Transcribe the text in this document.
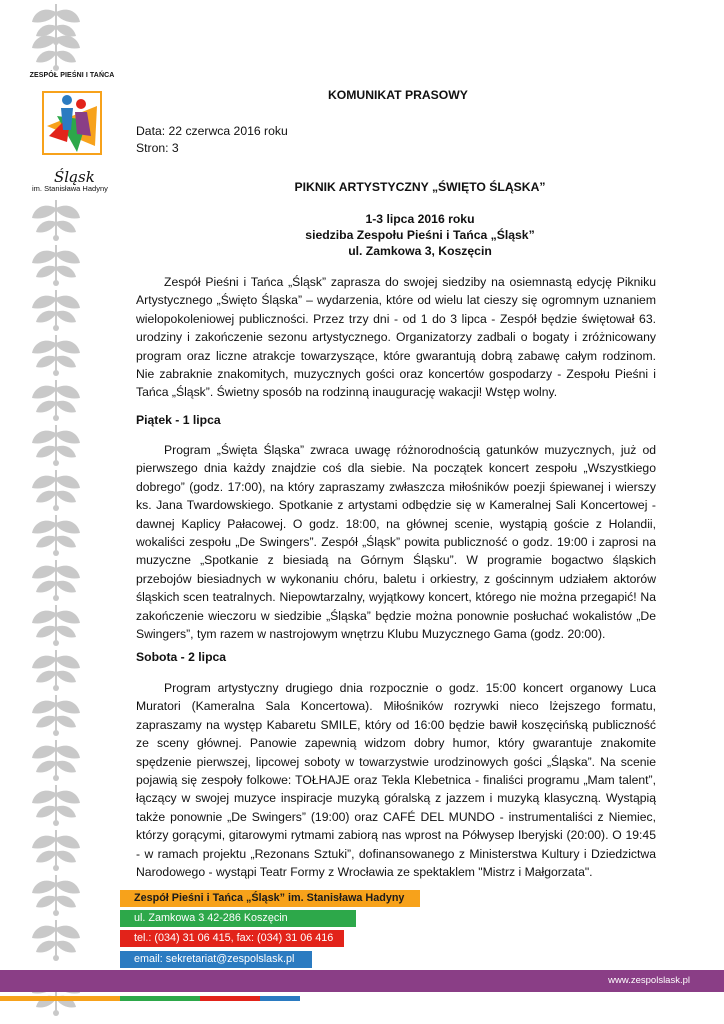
ZESPÓŁ PIEŚNI I TAŃCA
Śląsk
im. Stanisława Hadyny
KOMUNIKAT PRASOWY
Data: 22 czerwca 2016 roku
Stron: 3
PIKNIK ARTYSTYCZNY „ŚWIĘTO ŚLĄSKA”
1-3 lipca 2016 roku
siedziba Zespołu Pieśni i Tańca „Śląsk”
ul. Zamkowa 3, Koszęcin

Zespół Pieśni i Tańca „Śląsk” zaprasza do swojej siedziby na osiemnastą edycję Pikniku Artystycznego „Święto Śląska” – wydarzenia, które od wielu lat cieszy się ogromnym uznaniem wielopokoleniowej publiczności. Przez trzy dni - od 1 do 3 lipca - Zespół będzie świętował 63. urodziny i zakończenie sezonu artystycznego. Organizatorzy zadbali o bogaty i zróżnicowany program oraz liczne atrakcje towarzyszące, które gwarantują dobrą zabawę całym rodzinom. Nie zabraknie znakomitych, muzycznych gości oraz koncertów gospodarzy - Zespołu Pieśni i Tańca „Śląsk”. Świetny sposób na rodzinną inaugurację wakacji! Wstęp wolny.

Piątek - 1 lipca

Program „Święta Śląska” zwraca uwagę różnorodnością gatunków muzycznych, już od pierwszego dnia każdy znajdzie coś dla siebie. Na początek koncert zespołu „Wszystkiego dobrego” (godz. 17:00), na który zapraszamy zwłaszcza miłośników poezji śpiewanej i wierszy ks. Jana Twardowskiego. Spotkanie z artystami odbędzie się w Kameralnej Sali Koncertowej - dawnej Kaplicy Pałacowej. O godz. 18:00, na głównej scenie, wystąpią goście z Holandii, wokaliści zespołu „De Swingers”. Zespół „Śląsk” powita publiczność o godz. 19:00 i zaprosi na muzyczne „Spotkanie z biesiadą na Górnym Śląsku”. W programie bogactwo śląskich przebojów biesiadnych w wykonaniu chóru, baletu i orkiestry, z gościnnym udziałem aktorów śląskich scen teatralnych. Niepowtarzalny, wyjątkowy koncert, którego nie można przegapić! Na zakończenie wieczoru w siedzibie „Śląska” będzie można ponownie posłuchać wokalistów „De Swingers”, tym razem w nastrojowym wnętrzu Klubu Muzycznego Gama (godz. 20:00).

Sobota - 2 lipca

Program artystyczny drugiego dnia rozpocznie o godz. 15:00 koncert organowy Luca Muratori (Kameralna Sala Koncertowa). Miłośników rozrywki nieco lżejszego formatu, zapraszamy na występ Kabaretu SMILE, który od 16:00 będzie bawił koszęcińską publiczność ze sceny głównej. Panowie zapewnią widzom dobry humor, który gwarantuje znakomite spędzenie pierwszej, lipcowej soboty w towarzystwie urodzinowych gości „Śląska”. Na scenie pojawią się zespoły folkowe: TOŁHAJE oraz Tekla Klebetnica - finaliści programu „Mam talent”, łączący w swojej muzyce inspiracje muzyką góralską z jazzem i muzyką klasyczną. Wystąpią także ponownie „De Swingers” (19:00) oraz CAFÉ DEL MUNDO - instrumentaliści z Niemiec, którzy gorącymi, gitarowymi rytmami zabiorą nas wprost na Półwysep Iberyjski (20:00). O 19:45 - w ramach projektu „Rezonans Sztuki”, dofinansowanego z Ministerstwa Kultury i Dziedzictwa Narodowego - wystąpi Teatr Formy z Wrocławia ze spektaklem "Mistrz i Małgorzata".

Zespół Pieśni i Tańca „Śląsk” im. Stanisława Hadyny
ul. Zamkowa 3 42-286 Koszęcin
tel.: (034) 31 06 415, fax: (034) 31 06 416
email: sekretariat@zespolslask.pl
www.zespolslask.pl
